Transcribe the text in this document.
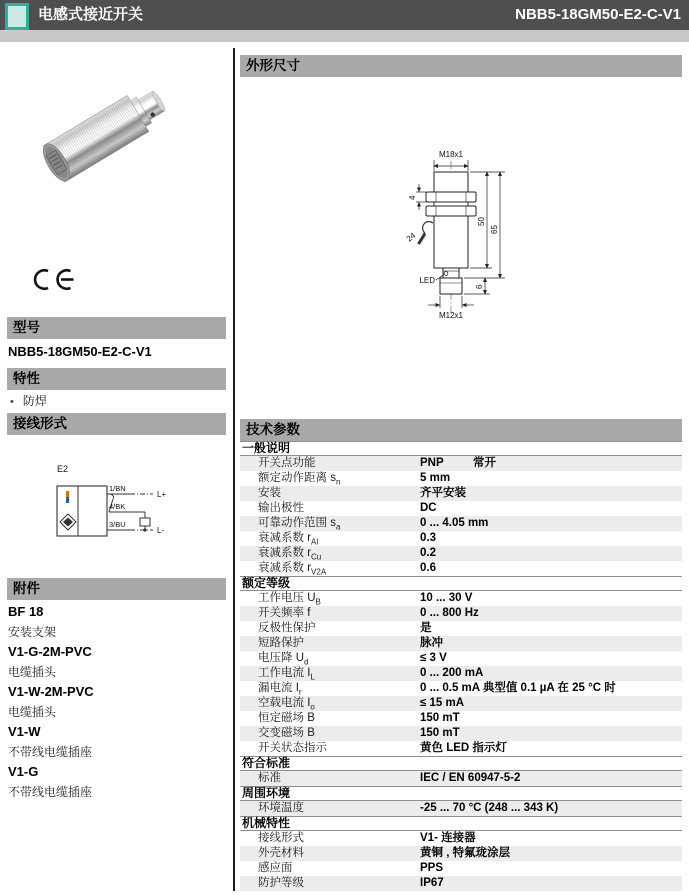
电感式接近开关	NBB5-18GM50-E2-C-V1
型号
NBB5-18GM50-E2-C-V1
特性
• 防焊
接线形式
E2
1/BN
L+
4/BK
3/BU
L-
附件
BF 18
安装支架
V1-G-2M-PVC
电缆插头
V1-W-2M-PVC
电缆插头
V1-W
不带线电缆插座
V1-G
不带线电缆插座
外形尺寸
M18x1
4
24
50
65
LED
6
M12x1
技术参数
一般说明
开关点功能	PNP	常开
额定动作距离 $s_n$	5 mm
安装	齐平安装
输出极性	DC
可靠动作范围 $s_a$	0 ... 4.05 mm
衰减系数 $r_{Al}$	0.3
衰减系数 $r_{Cu}$	0.2
衰减系数 $r_{V2A}$	0.6
额定等级
工作电压 $U_B$	10 ... 30 V
开关频率 f	0 ... 800 Hz
反极性保护	是
短路保护	脉冲
电压降 $U_d$	≤ 3 V
工作电流 $I_L$	0 ... 200 mA
漏电流 $I_r$	0 ... 0.5 mA 典型值 0.1 µA 在 25 °C 时
空载电流 $I_o$	≤ 15 mA
恒定磁场 B	150 mT
交变磁场 B	150 mT
开关状态指示	黄色 LED 指示灯
符合标准
标准	IEC / EN 60947-5-2
周围环境
环境温度	-25 ... 70 °C (248 ... 343 K)
机械特性
接线形式	V1- 连接器
外壳材料	黄铜 , 特氟珑涂层
感应面	PPS
防护等级	IP67
